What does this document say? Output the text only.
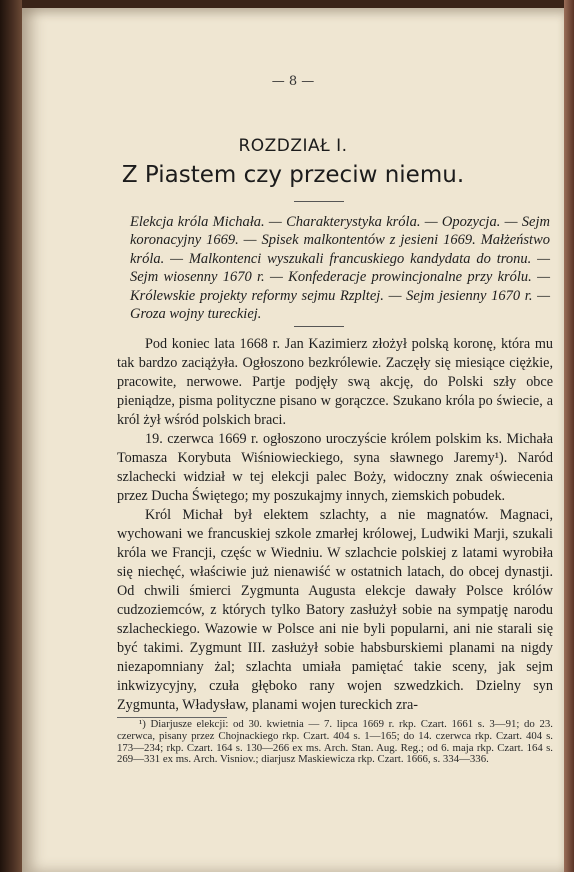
— 8 —
ROZDZIAŁ I.
Z Piastem czy przeciw niemu.
Elekcja króla Michała. — Charakterystyka króla. — Opozycja. — Sejm koronacyjny 1669. — Spisek malkontentów z jesieni 1669. Małżeństwo króla. — Malkontenci wyszukali francuskiego kandydata do tronu. — Sejm wiosenny 1670 r. — Konfederacje prowincjonalne przy królu. — Królewskie projekty reformy sejmu Rzpltej. — Sejm jesienny 1670 r. — Groza wojny tureckiej.

Pod koniec lata 1668 r. Jan Kazimierz złożył polską koronę, która mu tak bardzo zaciążyła. Ogłoszono bezkrólewie. Zaczęły się miesiące ciężkie, pracowite, nerwowe. Partje podjęły swą akcję, do Polski szły obce pieniądze, pisma polityczne pisano w gorączce. Szukano króla po świecie, a król żył wśród polskich braci.

19. czerwca 1669 r. ogłoszono uroczyście królem polskim ks. Michała Tomasza Korybuta Wiśniowieckiego, syna sławnego Jaremy¹). Naród szlachecki widział w tej elekcji palec Boży, widoczny znak oświecenia przez Ducha Świętego; my poszukajmy innych, ziemskich pobudek.

Król Michał był elektem szlachty, a nie magnatów. Magnaci, wychowani we francuskiej szkole zmarłej królowej, Ludwiki Marji, szukali króla we Francji, częśc w Wiedniu. W szlachcie polskiej z latami wyrobiła się niechęć, właściwie już nienawiść w ostatnich latach, do obcej dynastji. Od chwili śmierci Zygmunta Augusta elekcje dawały Polsce królów cudzoziemców, z których tylko Batory zasłużył sobie na sympatję narodu szlacheckiego. Wazowie w Polsce ani nie byli popularni, ani nie starali się być takimi. Zygmunt III. zasłużył sobie habsburskiemi planami na nigdy niezapomniany żal; szlachta umiała pamiętać takie sceny, jak sejm inkwizycyjny, czuła głęboko rany wojen szwedzkich. Dzielny syn Zygmunta, Władysław, planami wojen tureckich zra-

¹) Diarjusze elekcji: od 30. kwietnia — 7. lipca 1669 r. rkp. Czart. 1661 s. 3—91; do 23. czerwca, pisany przez Chojnackiego rkp. Czart. 404 s. 1—165; do 14. czerwca rkp. Czart. 404 s. 173—234; rkp. Czart. 164 s. 130—266 ex ms. Arch. Stan. Aug. Reg.; od 6. maja rkp. Czart. 164 s. 269—331 ex ms. Arch. Visniov.; diarjusz Maskiewicza rkp. Czart. 1666, s. 334—336.
